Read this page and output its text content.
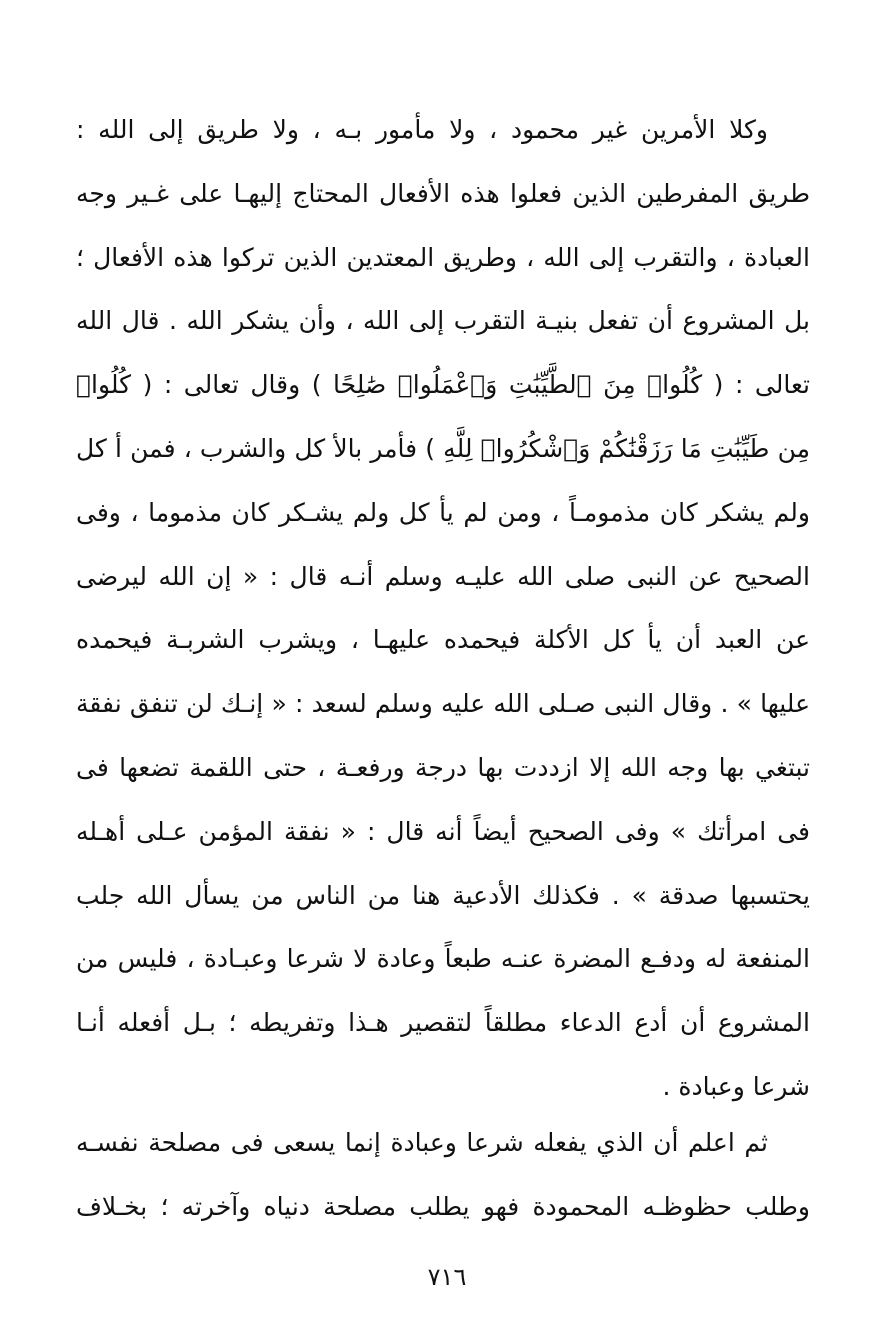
وكلا الأمرين غير محمود ، ولا مأمور بـه ، ولا طريق إلى الله :
طريق المفرطين الذين فعلوا هذه الأفعال المحتاج إليهـا على غـير وجه
العبادة ، والتقرب إلى الله ، وطريق المعتدين الذين تركوا هذه الأفعال ؛
بل المشروع أن تفعل بنيـة التقرب إلى الله ، وأن يشكر الله . قال الله
تعالى : ( كُلُوا۟ مِنَ ٱلطَّيِّبَٰتِ وَٱعْمَلُوا۟ صَٰلِحًا ) وقال تعالى : ( كُلُوا۟
مِن طَيِّبَٰتِ مَا رَزَقْنَٰكُمْ وَٱشْكُرُوا۟ لِلَّهِ ) فأمر بالأ كل والشرب ، فمن أ كل
ولم يشكر كان مذمومـاً ، ومن لم يأ كل ولم يشـكر كان مذموما ، وفى
الصحيح عن النبى صلى الله عليـه وسلم أنـه قال : « إن الله ليرضى
عن العبد أن يأ كل الأكلة فيحمده عليهـا ، ويشرب الشربـة فيحمده
عليها » . وقال النبى صـلى الله عليه وسلم لسعد : « إنـك لن تنفق نفقة
تبتغي بها وجه الله إلا ازددت بها درجة ورفعـة ، حتى اللقمة تضعها فى
فى امرأتك » وفى الصحيح أيضاً أنه قال : « نفقة المؤمن عـلى أهـله
يحتسبها صدقة » . فكذلك الأدعية هنا من الناس من يسأل الله جلب
المنفعة له ودفـع المضرة عنـه طبعاً وعادة لا شرعا وعبـادة ، فليس من
المشروع أن أدع الدعاء مطلقاً لتقصير هـذا وتفريطه ؛ بـل أفعله أنـا
شرعا وعبادة .
ثم اعلم أن الذي يفعله شرعا وعبادة إنما يسعى فى مصلحة نفسـه
وطلب حظوظـه المحمودة فهو يطلب مصلحة دنياه وآخرته ؛ بخـلاف
٧١٦
